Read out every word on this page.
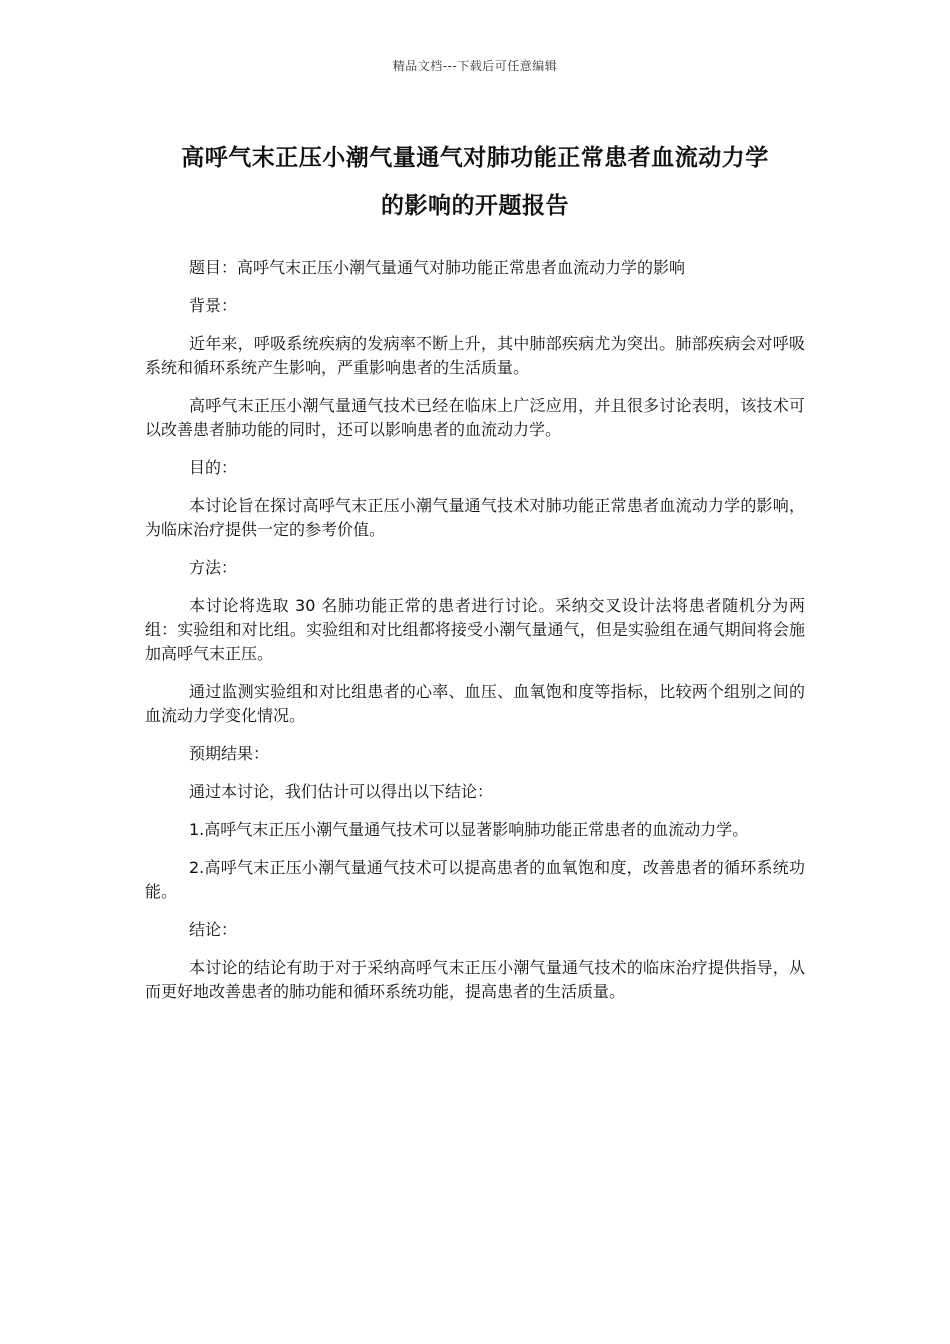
精品文档---下载后可任意编辑
高呼气末正压小潮气量通气对肺功能正常患者血流动力学
的影响的开题报告

题目：高呼气末正压小潮气量通气对肺功能正常患者血流动力学的影响

背景：

近年来，呼吸系统疾病的发病率不断上升，其中肺部疾病尤为突出。肺部疾病会对呼吸系统和循环系统产生影响，严重影响患者的生活质量。

高呼气末正压小潮气量通气技术已经在临床上广泛应用，并且很多讨论表明，该技术可以改善患者肺功能的同时，还可以影响患者的血流动力学。

目的：

本讨论旨在探讨高呼气末正压小潮气量通气技术对肺功能正常患者血流动力学的影响，为临床治疗提供一定的参考价值。

方法：

本讨论将选取 30 名肺功能正常的患者进行讨论。采纳交叉设计法将患者随机分为两组：实验组和对比组。实验组和对比组都将接受小潮气量通气，但是实验组在通气期间将会施加高呼气末正压。

通过监测实验组和对比组患者的心率、血压、血氧饱和度等指标，比较两个组别之间的血流动力学变化情况。

预期结果：

通过本讨论，我们估计可以得出以下结论：

1.高呼气末正压小潮气量通气技术可以显著影响肺功能正常患者的血流动力学。

2.高呼气末正压小潮气量通气技术可以提高患者的血氧饱和度，改善患者的循环系统功能。

结论：

本讨论的结论有助于对于采纳高呼气末正压小潮气量通气技术的临床治疗提供指导，从而更好地改善患者的肺功能和循环系统功能，提高患者的生活质量。
